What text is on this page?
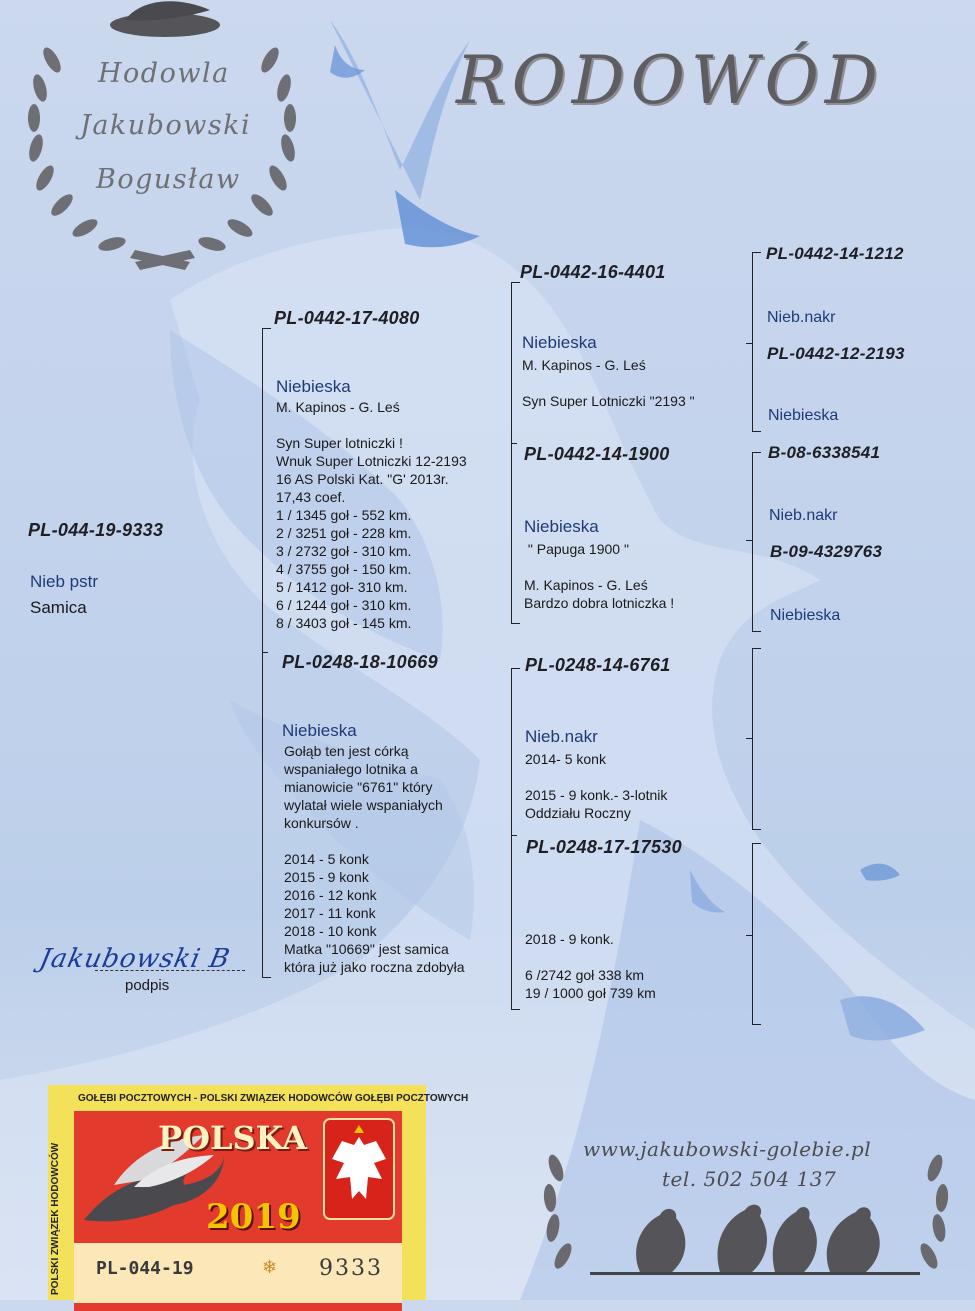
Hodowla
Jakubowski
Bogusław
RODOWÓD
PL-044-19-9333
Nieb pstr
Samica
PL-0442-17-4080
Niebieska
M. Kapinos - G. Leś

Syn Super lotniczki !
Wnuk Super Lotniczki 12-2193
16 AS Polski Kat. "G' 2013r.
17,43 coef.
1 / 1345 goł - 552 km.
2 / 3251 goł - 228 km.
3 / 2732 goł - 310 km.
4 / 3755 goł - 150 km.
5 / 1412 goł- 310 km.
6 / 1244 goł - 310 km.
8 / 3403 goł - 145 km.
PL-0248-18-10669
Niebieska
Gołąb ten jest córką
wspaniałego lotnika a
mianowicie "6761" który
wylatał wiele wspaniałych
konkursów .

2014 - 5 konk
2015 - 9 konk
2016 - 12 konk
2017 - 11 konk
2018 - 10 konk
Matka "10669" jest samica
która już jako roczna zdobyła
PL-0442-16-4401
Niebieska
M. Kapinos - G. Leś

Syn Super Lotniczki "2193 "
PL-0442-14-1900
Niebieska
" Papuga 1900 "

M. Kapinos - G. Leś
Bardzo dobra lotniczka !
PL-0248-14-6761
Nieb.nakr
2014- 5 konk

2015 - 9 konk.- 3-lotnik
Oddziału Roczny
PL-0248-17-17530
2018 - 9 konk.

6 /2742 goł 338 km
19 / 1000 goł 739 km
PL-0442-14-1212
Nieb.nakr
PL-0442-12-2193
Niebieska
B-08-6338541
Nieb.nakr
B-09-4329763
Niebieska
Jakubowski B
podpis
www.jakubowski-golebie.pl
tel. 502 504 137
GOŁĘBI POCZTOWYCH - POLSKI ZWIĄZEK HODOWCÓW GOŁĘBI POCZTOWYCH
POLSKI ZWIĄZEK HODOWCÓW
POLSKA
2019
PL-044-19	❄ 9333
